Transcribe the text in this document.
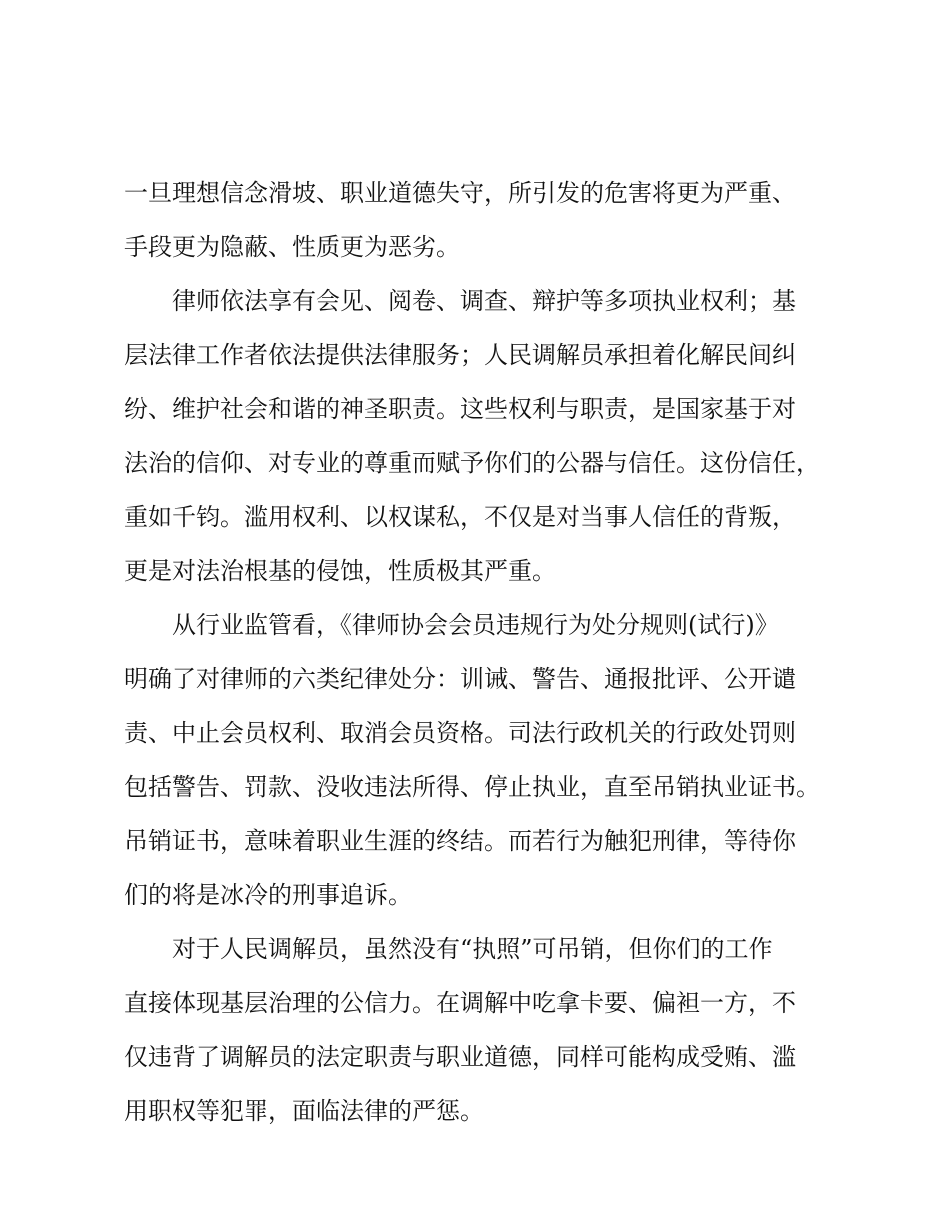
一旦理想信念滑坡、职业道德失守，所引发的危害将更为严重、

手段更为隐蔽、性质更为恶劣。

律师依法享有会见、阅卷、调查、辩护等多项执业权利；基

层法律工作者依法提供法律服务；人民调解员承担着化解民间纠

纷、维护社会和谐的神圣职责。这些权利与职责，是国家基于对

法治的信仰、对专业的尊重而赋予你们的公器与信任。这份信任，

重如千钧。滥用权利、以权谋私，不仅是对当事人信任的背叛，

更是对法治根基的侵蚀，性质极其严重。

从行业监管看，《律师协会会员违规行为处分规则(试行)》

明确了对律师的六类纪律处分：训诫、警告、通报批评、公开谴

责、中止会员权利、取消会员资格。司法行政机关的行政处罚则

包括警告、罚款、没收违法所得、停止执业，直至吊销执业证书。

吊销证书，意味着职业生涯的终结。而若行为触犯刑律，等待你

们的将是冰冷的刑事追诉。

对于人民调解员，虽然没有“执照”可吊销，但你们的工作

直接体现基层治理的公信力。在调解中吃拿卡要、偏袒一方，不

仅违背了调解员的法定职责与职业道德，同样可能构成受贿、滥

用职权等犯罪，面临法律的严惩。
